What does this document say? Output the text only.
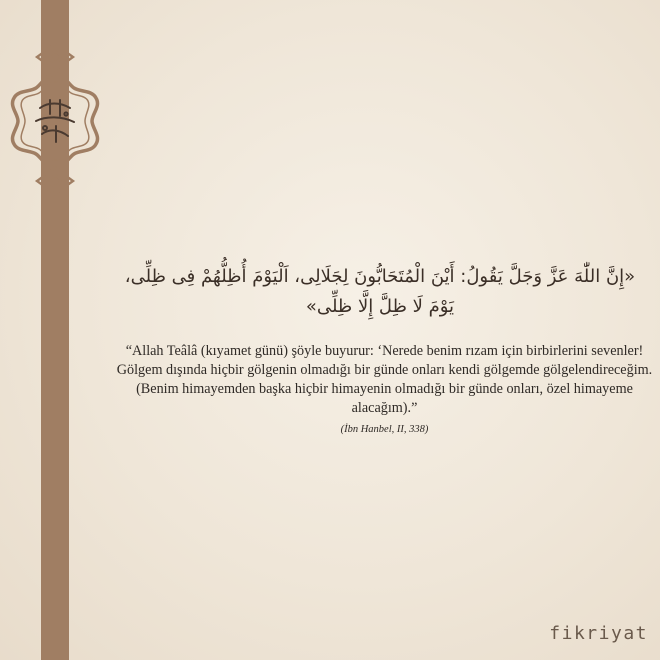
«إِنَّ اللّٰهَ عَزَّ وَجَلَّ يَقُولُ: أَيْنَ الْمُتَحَابُّونَ لِجَلَالِى، اَلْيَوْمَ أُظِلُّهُمْ فِى ظِلِّى،
يَوْمَ لَا ظِلَّ إِلَّا ظِلِّى»
“Allah Teâlâ (kıyamet günü) şöyle buyurur: ‘Nerede benim rızam için birbirlerini sevenler! Gölgem dışında hiçbir gölgenin olmadığı bir günde onları kendi gölgemde gölgelendireceğim. (Benim himayemden başka hiçbir himayenin olmadığı bir günde onları, özel himayeme alacağım).”
(İbn Hanbel, II, 338)
fikriyat
